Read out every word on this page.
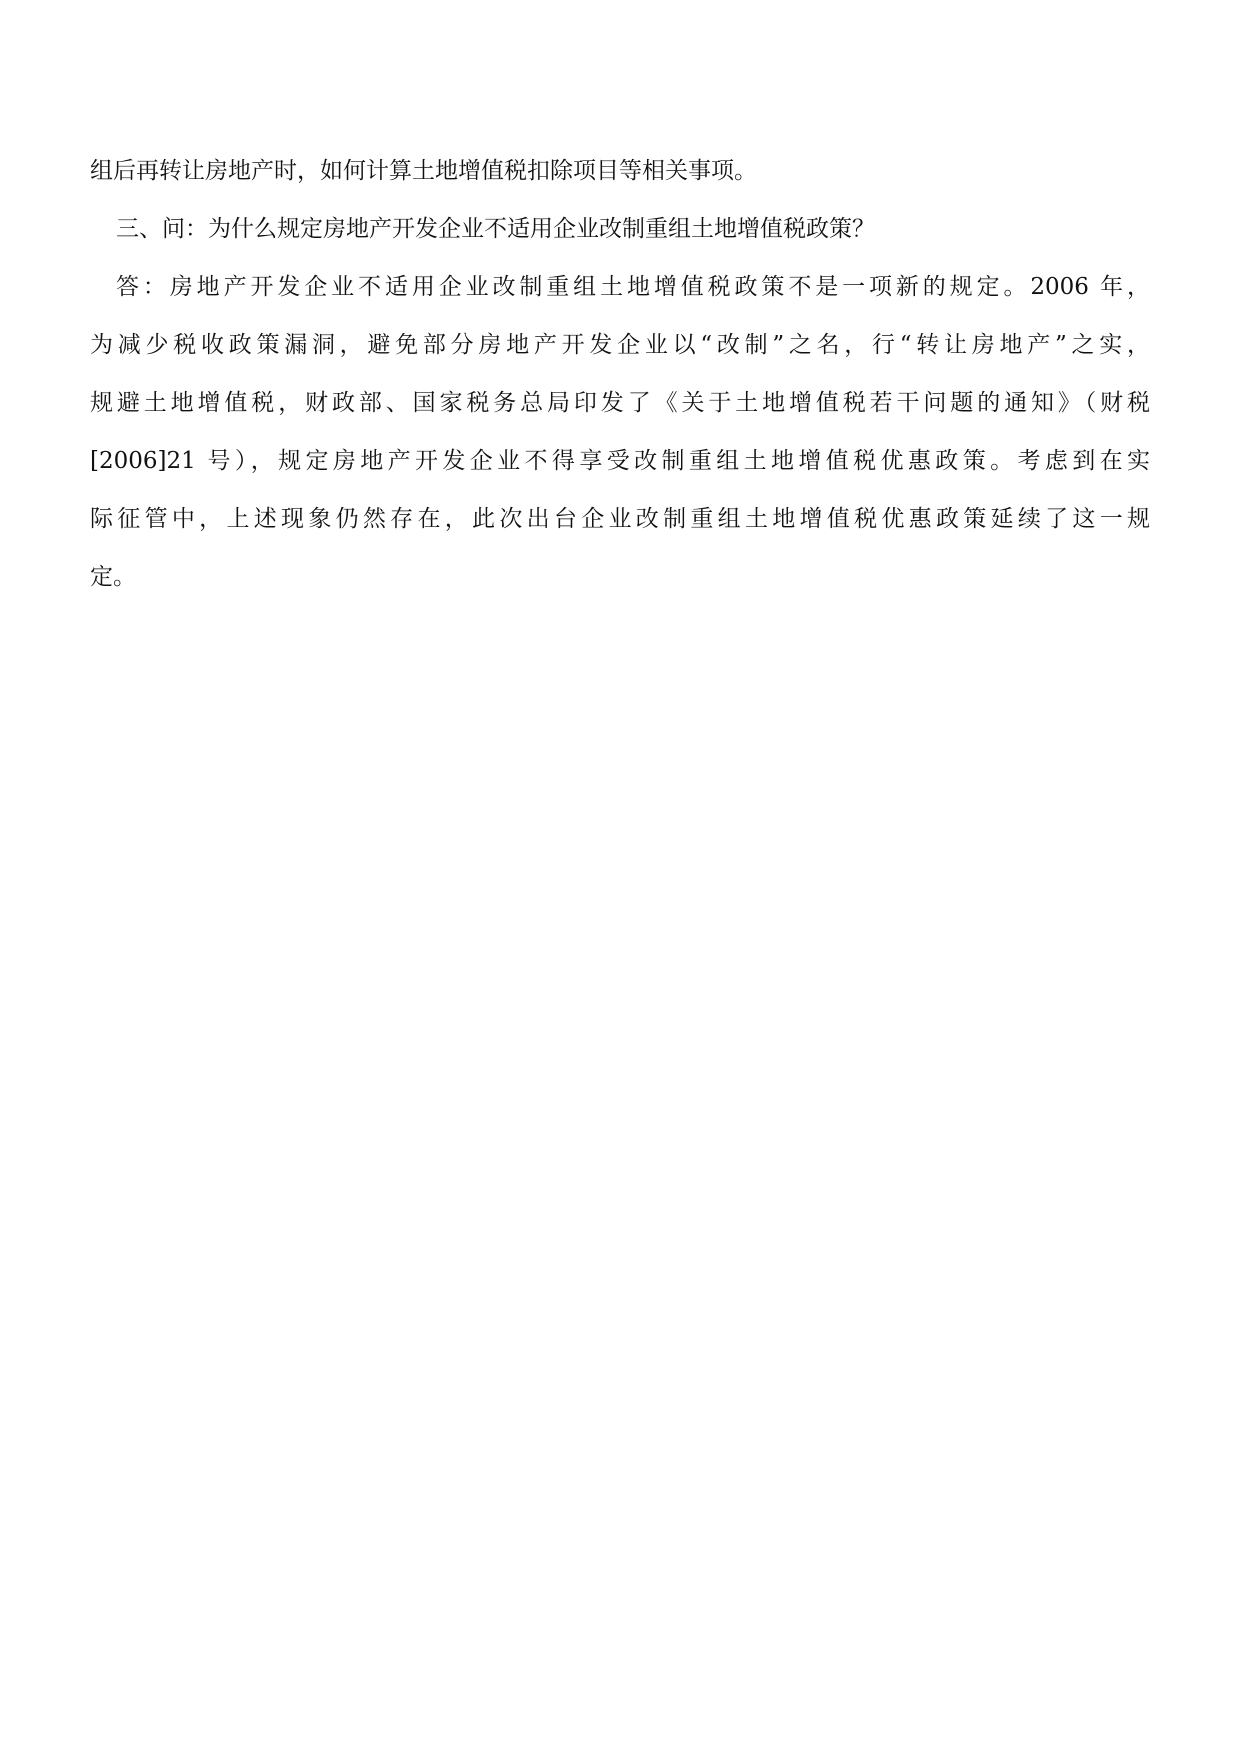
组后再转让房地产时，如何计算土地增值税扣除项目等相关事项。
三、问：为什么规定房地产开发企业不适用企业改制重组土地增值税政策？
答：房地产开发企业不适用企业改制重组土地增值税政策不是一项新的规定。2006 年，
为减少税收政策漏洞，避免部分房地产开发企业以“改制”之名，行“转让房地产”之实，
规避土地增值税，财政部、国家税务总局印发了《关于土地增值税若干问题的通知》（财税
[2006]21 号），规定房地产开发企业不得享受改制重组土地增值税优惠政策。考虑到在实
际征管中，上述现象仍然存在，此次出台企业改制重组土地增值税优惠政策延续了这一规
定。
